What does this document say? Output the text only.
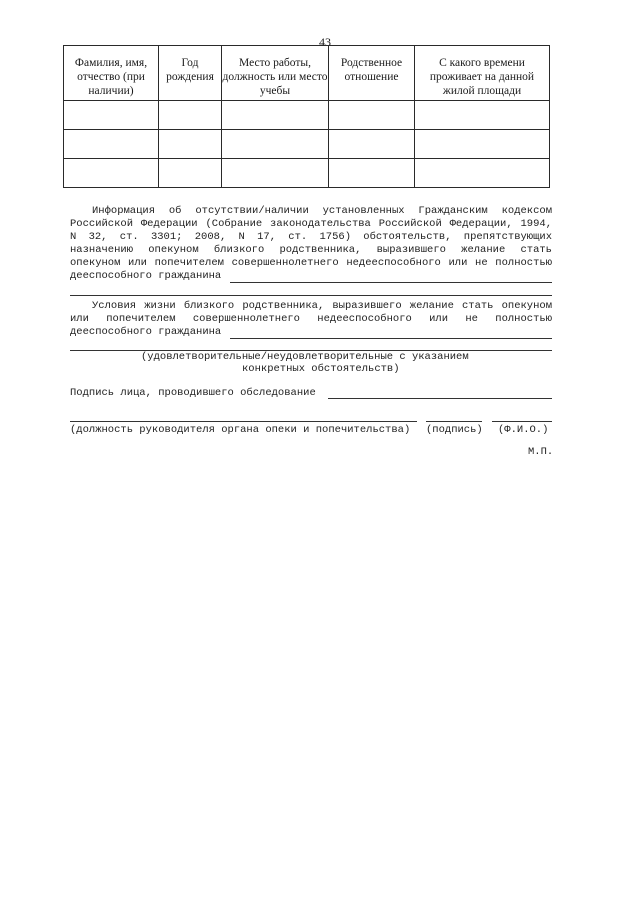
43
Фамилия, имя, отчество (при наличии)	Год рождения	Место работы, должность или место учебы	Родственное отношение	С какого времени проживает на данной жилой площади

Информация об отсутствии/наличии установленных Гражданским кодексом
Российской Федерации (Собрание законодательства Российской Федерации, 1994,
N 32, ст. 3301; 2008, N 17, ст. 1756) обстоятельств, препятствующих
назначению опекуном близкого родственника, выразившего желание стать
опекуном или попечителем совершеннолетнего недееспособного или не полностью
дееспособного гражданина
Условия жизни близкого родственника, выразившего желание стать опекуном
или попечителем совершеннолетнего недееспособного или не полностью
дееспособного гражданина
(удовлетворительные/неудовлетворительные с указанием
конкретных обстоятельств)
Подпись лица, проводившего обследование
(должность руководителя органа опеки и попечительства) (подпись) (Ф.И.О.)
М.П.
